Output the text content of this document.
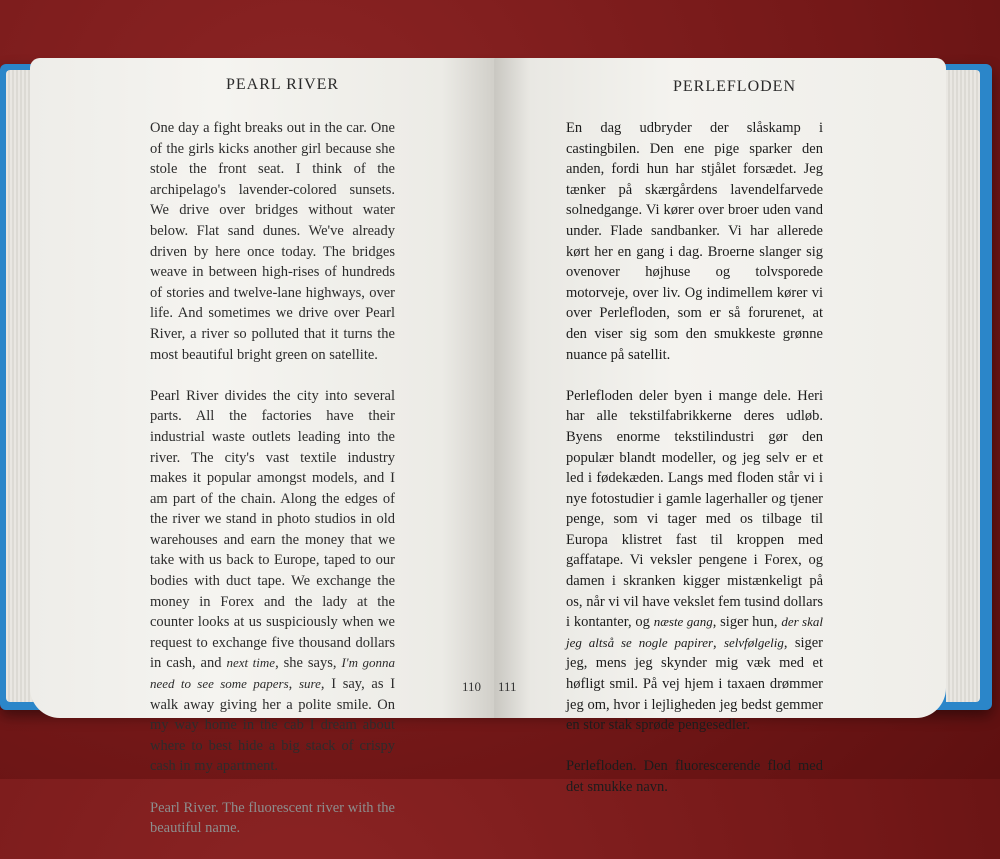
PEARL RIVER	PERLEFLODEN

One day a fight breaks out in the car. One of the girls kicks another girl because she stole the front seat. I think of the archipelago's lavender-colored sunsets. We drive over bridges without water below. Flat sand dunes. We've already driven by here once today. The bridges weave in between high-rises of hundreds of stories and twelve-lane highways, over life. And sometimes we drive over Pearl River, a river so polluted that it turns the most beautiful bright green on satellite.

Pearl River divides the city into several parts. All the factories have their industrial waste outlets leading into the river. The city's vast textile industry makes it popular amongst models, and I am part of the chain. Along the edges of the river we stand in photo studios in old warehouses and earn the money that we take with us back to Europe, taped to our bodies with duct tape. We exchange the money in Forex and the lady at the counter looks at us suspiciously when we request to exchange five thousand dollars in cash, and next time, she says, I'm gonna need to see some papers, sure, I say, as I walk away giving her a polite smile. On my way home in the cab I dream about where to best hide a big stack of crispy cash in my apartment.

Pearl River. The fluorescent river with the beautiful name.

En dag udbryder der slåskamp i castingbilen. Den ene pige sparker den anden, fordi hun har stjålet forsædet. Jeg tænker på skærgårdens lavendelfarvede solnedgange. Vi kører over broer uden vand under. Flade sandbanker. Vi har allerede kørt her en gang i dag. Broerne slanger sig ovenover højhuse og tolvsporede motorveje, over liv. Og indimellem kører vi over Perlefloden, som er så forurenet, at den viser sig som den smukkeste grønne nuance på satellit.

Perlefloden deler byen i mange dele. Heri har alle tekstilfabrikkerne deres udløb. Byens enorme tekstilindustri gør den populær blandt modeller, og jeg selv er et led i fødekæden. Langs med floden står vi i nye fotostudier i gamle lagerhaller og tjener penge, som vi tager med os tilbage til Europa klistret fast til kroppen med gaffatape. Vi veksler pengene i Forex, og damen i skranken kigger mistænkeligt på os, når vi vil have vekslet fem tusind dollars i kontanter, og næste gang, siger hun, der skal jeg altså se nogle papirer, selvfølgelig, siger jeg, mens jeg skynder mig væk med et høfligt smil. På vej hjem i taxaen drømmer jeg om, hvor i lejligheden jeg bedst gemmer en stor stak sprøde pengesedler.

Perlefloden. Den fluorescerende flod med det smukke navn.

110 111
